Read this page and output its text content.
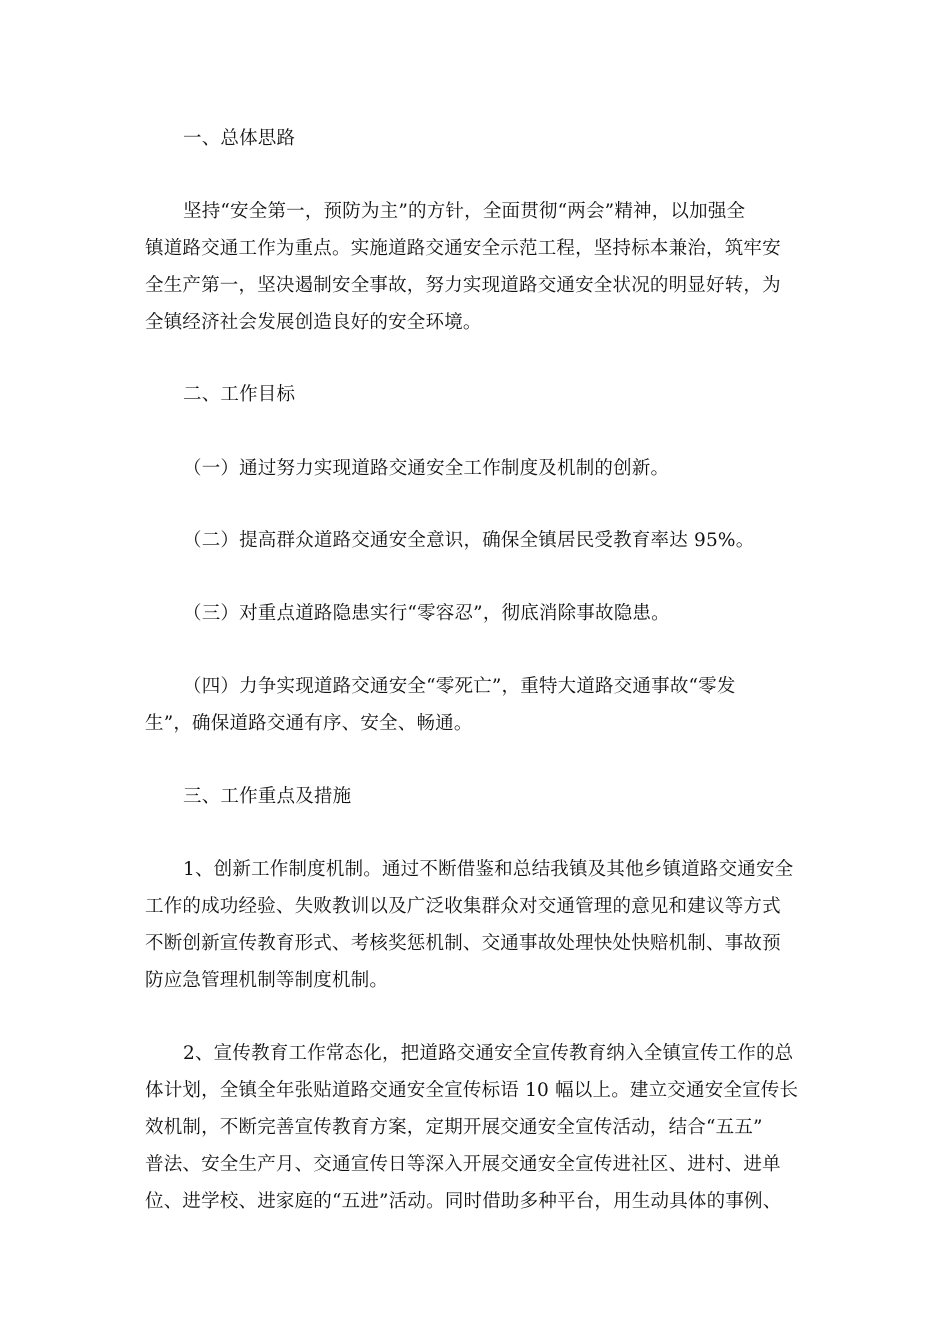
一、总体思路
坚持“安全第一，预防为主”的方针，全面贯彻“两会”精神，以加强全
镇道路交通工作为重点。实施道路交通安全示范工程，坚持标本兼治，筑牢安
全生产第一，坚决遏制安全事故，努力实现道路交通安全状况的明显好转，为
全镇经济社会发展创造良好的安全环境。
二、工作目标
（一）通过努力实现道路交通安全工作制度及机制的创新。
（二）提高群众道路交通安全意识，确保全镇居民受教育率达 95%。
（三）对重点道路隐患实行“零容忍”，彻底消除事故隐患。
（四）力争实现道路交通安全“零死亡”，重特大道路交通事故“零发
生”，确保道路交通有序、安全、畅通。
三、工作重点及措施
1、创新工作制度机制。通过不断借鉴和总结我镇及其他乡镇道路交通安全
工作的成功经验、失败教训以及广泛收集群众对交通管理的意见和建议等方式
不断创新宣传教育形式、考核奖惩机制、交通事故处理快处快赔机制、事故预
防应急管理机制等制度机制。
2、宣传教育工作常态化，把道路交通安全宣传教育纳入全镇宣传工作的总
体计划，全镇全年张贴道路交通安全宣传标语 10 幅以上。建立交通安全宣传长
效机制，不断完善宣传教育方案，定期开展交通安全宣传活动，结合“五五”
普法、安全生产月、交通宣传日等深入开展交通安全宣传进社区、进村、进单
位、进学校、进家庭的“五进”活动。同时借助多种平台，用生动具体的事例、
